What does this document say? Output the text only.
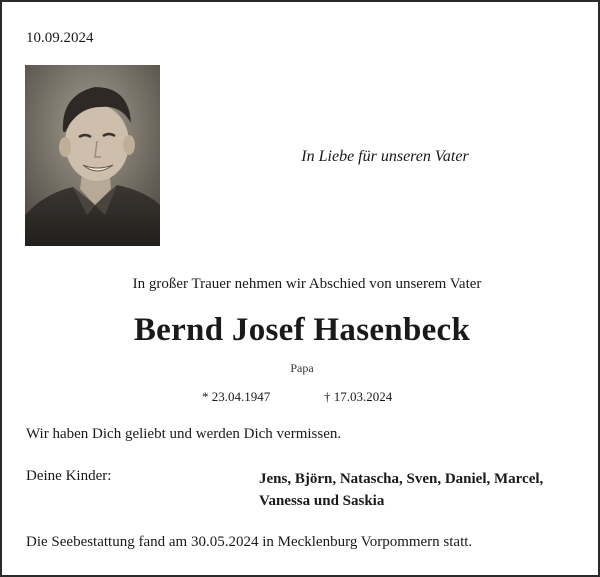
10.09.2024
In Liebe für unseren Vater
In großer Trauer nehmen wir Abschied von unserem Vater
Bernd Josef Hasenbeck
Papa
* 23.04.1947	† 17.03.2024
Wir haben Dich geliebt und werden Dich vermissen.
Deine Kinder:	Jens, Björn, Natascha, Sven, Daniel, Marcel,
Vanessa und Saskia
Die Seebestattung fand am 30.05.2024 in Mecklenburg Vorpommern statt.
